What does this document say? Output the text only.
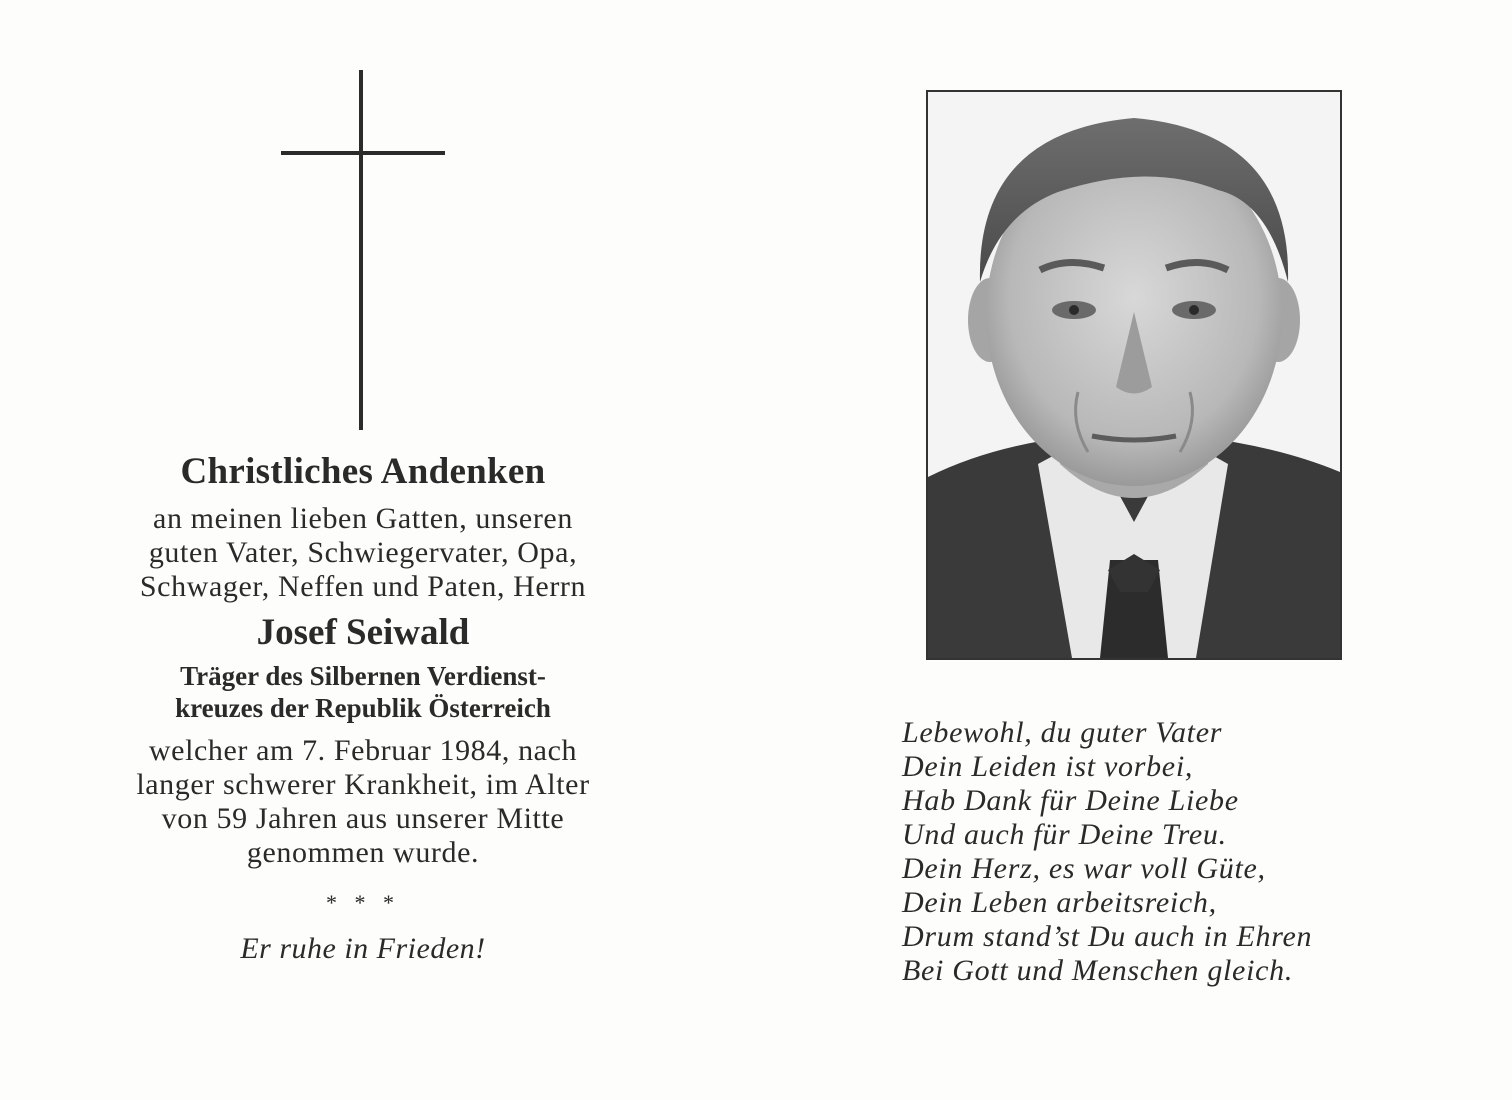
Christliches Andenken

an meinen lieben Gatten, unseren
guten Vater, Schwiegervater, Opa,
Schwager, Neffen und Paten, Herrn

Josef Seiwald

Träger des Silbernen Verdienst-
kreuzes der Republik Österreich

welcher am 7. Februar 1984, nach
langer schwerer Krankheit, im Alter
von 59 Jahren aus unserer Mitte
genommen wurde.

* * *

Er ruhe in Frieden!

Lebewohl, du guter Vater
Dein Leiden ist vorbei,
Hab Dank für Deine Liebe
Und auch für Deine Treu.
Dein Herz, es war voll Güte,
Dein Leben arbeitsreich,
Drum stand’st Du auch in Ehren
Bei Gott und Menschen gleich.
